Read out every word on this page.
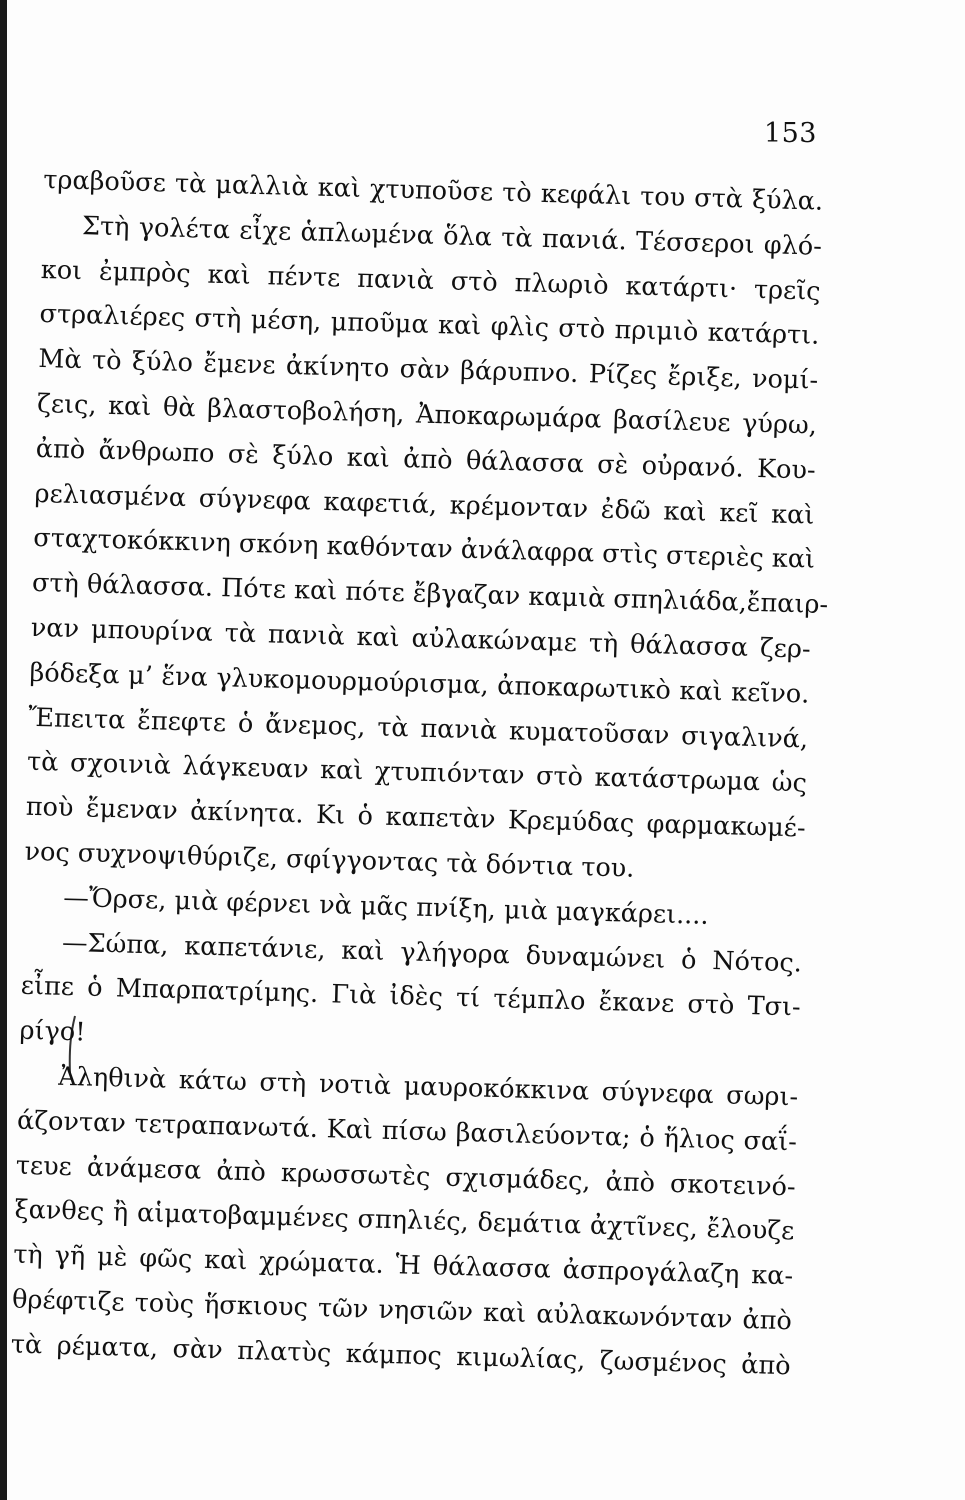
153
τραβοῦσε τὰ μαλλιὰ καὶ χτυποῦσε τὸ κεφάλι του στὰ ξύλα.
Στὴ γολέτα εἶχε ἁπλωμένα ὅλα τὰ πανιά. Τέσσεροι φλό-
κοι ἐμπρὸς καὶ πέντε πανιὰ στὸ πλωριὸ κατάρτι· τρεῖς
στραλιέρες στὴ μέση, μποῦμα καὶ φλὶς στὸ πριμιὸ κατάρτι.
Μὰ τὸ ξύλο ἔμενε ἀκίνητο σὰν βάρυπνο. Ρίζες ἔριξε, νομί-
ζεις, καὶ θὰ βλαστοβολήση, Ἀποκαρωμάρα βασίλευε γύρω,
ἀπὸ ἄνθρωπο σὲ ξύλο καὶ ἀπὸ θάλασσα σὲ οὐρανό. Κου-
ρελιασμένα σύγνεφα καφετιά, κρέμονταν ἐδῶ καὶ κεῖ καὶ
σταχτοκόκκινη σκόνη καθόνταν ἀνάλαφρα στὶς στεριὲς καὶ
στὴ θάλασσα. Πότε καὶ πότε ἔβγαζαν καμιὰ σπηλιάδα,ἔπαιρ-
ναν μπουρίνα τὰ πανιὰ καὶ αὐλακώναμε τὴ θάλασσα ζερ-
βόδεξα μ’ ἕνα γλυκομουρμούρισμα, ἀποκαρωτικὸ καὶ κεῖνο.
Ἔπειτα ἔπεφτε ὁ ἄνεμος, τὰ πανιὰ κυματοῦσαν σιγαλινά,
τὰ σχοινιὰ λάγκευαν καὶ χτυπιόνταν στὸ κατάστρωμα ὡς
ποὺ ἔμεναν ἀκίνητα. Κι ὁ καπετὰν Κρεμύδας φαρμακωμέ-
νος συχνοψιθύριζε, σφίγγοντας τὰ δόντια του.
—Ὄρσε, μιὰ φέρνει νὰ μᾶς πνίξη, μιὰ μαγκάρει....
—Σώπα, καπετάνιε, καὶ γλήγορα δυναμώνει ὁ Νότος.
εἶπε ὁ Μπαρπατρίμης. Γιὰ ἰδὲς τί τέμπλο ἔκανε στὸ Τσι-
ρίγο!
Ἀληθινὰ κάτω στὴ νοτιὰ μαυροκόκκινα σύγνεφα σωρι-
άζονταν τετραπανωτά. Καὶ πίσω βασιλεύοντα; ὁ ἥλιος σαΐ-
τευε ἀνάμεσα ἀπὸ κρωσσωτὲς σχισμάδες, ἀπὸ σκοτεινό-
ξανθες ἢ αἱματοβαμμένες σπηλιές, δεμάτια ἀχτῖνες, ἔλουζε
τὴ γῆ μὲ φῶς καὶ χρώματα. Ἡ θάλασσα ἀσπρογάλαζη κα-
θρέφτιζε τοὺς ἥσκιους τῶν νησιῶν καὶ αὐλακωνόνταν ἀπὸ
τὰ ρέματα, σὰν πλατὺς κάμπος κιμωλίας, ζωσμένος ἀπὸ
